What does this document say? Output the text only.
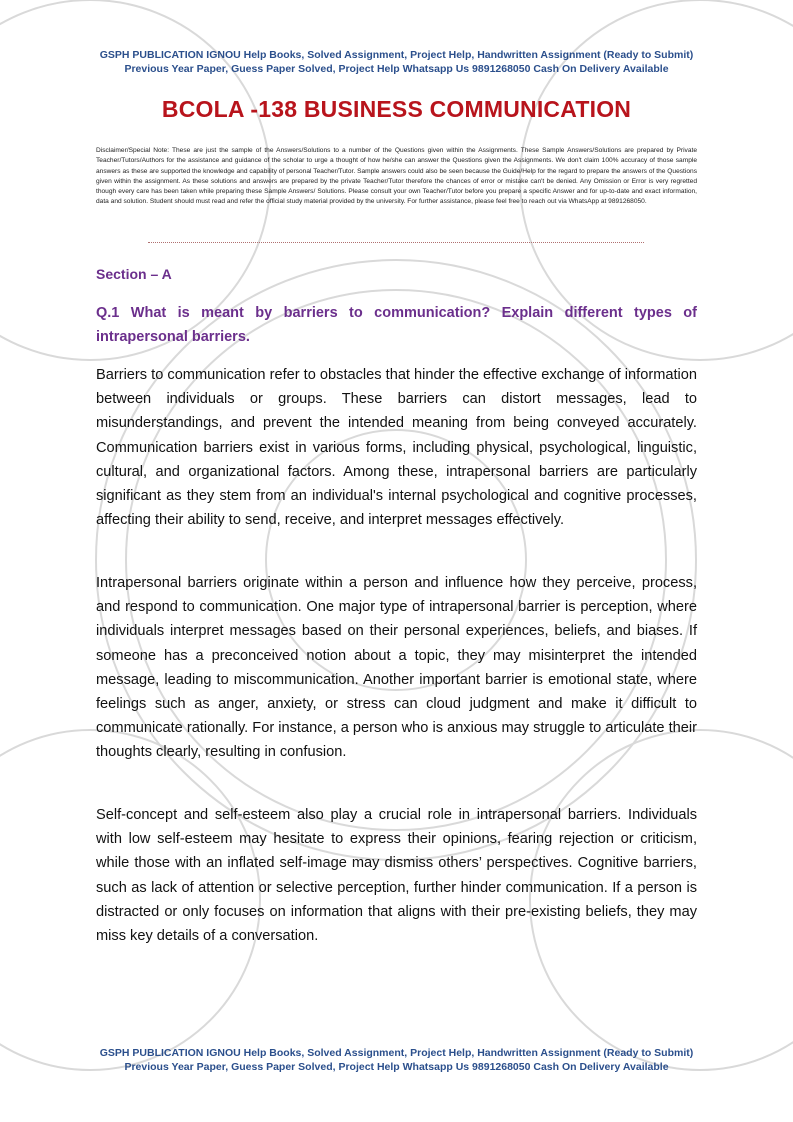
GSPH PUBLICATION IGNOU Help Books, Solved Assignment, Project Help, Handwritten Assignment (Ready to Submit)
Previous Year Paper, Guess Paper Solved, Project Help Whatsapp Us 9891268050 Cash On Delivery Available
BCOLA -138 BUSINESS COMMUNICATION
Disclaimer/Special Note: These are just the sample of the Answers/Solutions to a number of the Questions given within the Assignments. These Sample Answers/Solutions are prepared by Private Teacher/Tutors/Authors for the assistance and guidance of the scholar to urge a thought of how he/she can answer the Questions given the Assignments. We don't claim 100% accuracy of those sample answers as these are supported the knowledge and capability of personal Teacher/Tutor. Sample answers could also be seen because the Guide/Help for the regard to prepare the answers of the Questions given within the assignment. As these solutions and answers are prepared by the private Teacher/Tutor therefore the chances of error or mistake can't be denied. Any Omission or Error is very regretted though every care has been taken while preparing these Sample Answers/ Solutions. Please consult your own Teacher/Tutor before you prepare a specific Answer and for up-to-date and exact information, data and solution. Student should must read and refer the official study material provided by the university. For further assistance, please feel free to reach out via WhatsApp at 9891268050.
Section – A
Q.1 What is meant by barriers to communication? Explain different types of intrapersonal barriers.
Barriers to communication refer to obstacles that hinder the effective exchange of information between individuals or groups. These barriers can distort messages, lead to misunderstandings, and prevent the intended meaning from being conveyed accurately. Communication barriers exist in various forms, including physical, psychological, linguistic, cultural, and organizational factors. Among these, intrapersonal barriers are particularly significant as they stem from an individual's internal psychological and cognitive processes, affecting their ability to send, receive, and interpret messages effectively.
Intrapersonal barriers originate within a person and influence how they perceive, process, and respond to communication. One major type of intrapersonal barrier is perception, where individuals interpret messages based on their personal experiences, beliefs, and biases. If someone has a preconceived notion about a topic, they may misinterpret the intended message, leading to miscommunication. Another important barrier is emotional state, where feelings such as anger, anxiety, or stress can cloud judgment and make it difficult to communicate rationally. For instance, a person who is anxious may struggle to articulate their thoughts clearly, resulting in confusion.
Self-concept and self-esteem also play a crucial role in intrapersonal barriers. Individuals with low self-esteem may hesitate to express their opinions, fearing rejection or criticism, while those with an inflated self-image may dismiss others’ perspectives. Cognitive barriers, such as lack of attention or selective perception, further hinder communication. If a person is distracted or only focuses on information that aligns with their pre-existing beliefs, they may miss key details of a conversation.
GSPH PUBLICATION IGNOU Help Books, Solved Assignment, Project Help, Handwritten Assignment (Ready to Submit)
Previous Year Paper, Guess Paper Solved, Project Help Whatsapp Us 9891268050 Cash On Delivery Available
